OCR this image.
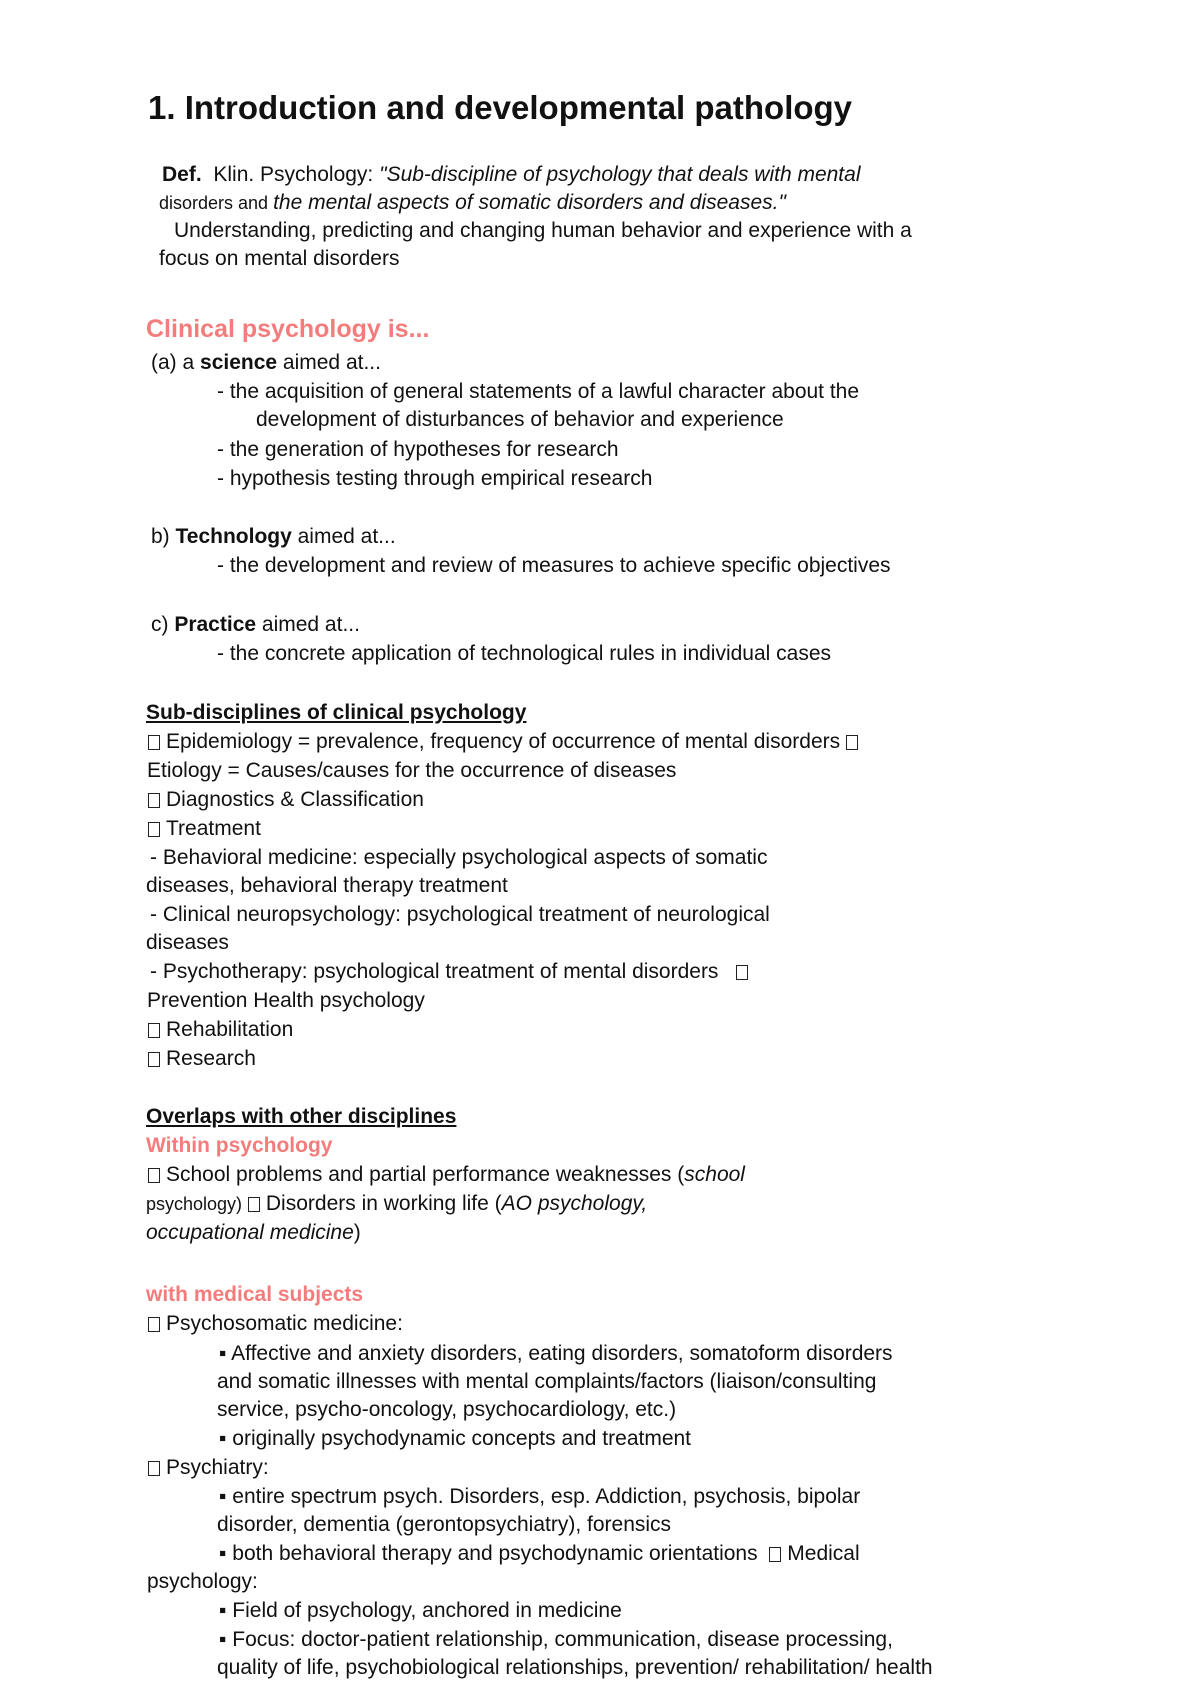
1. Introduction and developmental pathology
Def. Klin. Psychology: "Sub-discipline of psychology that deals with mental
disorders and the mental aspects of somatic disorders and diseases."
Understanding, predicting and changing human behavior and experience with a
focus on mental disorders
Clinical psychology is...
(a) a science aimed at...
- the acquisition of general statements of a lawful character about the
development of disturbances of behavior and experience
- the generation of hypotheses for research
- hypothesis testing through empirical research
b) Technology aimed at...
- the development and review of measures to achieve specific objectives
c) Practice aimed at...
- the concrete application of technological rules in individual cases
Sub-disciplines of clinical psychology
Epidemiology = prevalence, frequency of occurrence of mental disorders
Etiology = Causes/causes for the occurrence of diseases
Diagnostics & Classification
Treatment
- Behavioral medicine: especially psychological aspects of somatic
diseases, behavioral therapy treatment
- Clinical neuropsychology: psychological treatment of neurological
diseases
- Psychotherapy: psychological treatment of mental disorders
Prevention Health psychology
Rehabilitation
Research
Overlaps with other disciplines
Within psychology
School problems and partial performance weaknesses (school
psychology) Disorders in working life (AO psychology,
occupational medicine)
with medical subjects
Psychosomatic medicine:
▪ Affective and anxiety disorders, eating disorders, somatoform disorders
and somatic illnesses with mental complaints/factors (liaison/consulting
service, psycho-oncology, psychocardiology, etc.)
▪ originally psychodynamic concepts and treatment
Psychiatry:
▪ entire spectrum psych. Disorders, esp. Addiction, psychosis, bipolar
disorder, dementia (gerontopsychiatry), forensics
▪ both behavioral therapy and psychodynamic orientations Medical
psychology:
▪ Field of psychology, anchored in medicine
▪ Focus: doctor-patient relationship, communication, disease processing,
quality of life, psychobiological relationships, prevention/ rehabilitation/ health
